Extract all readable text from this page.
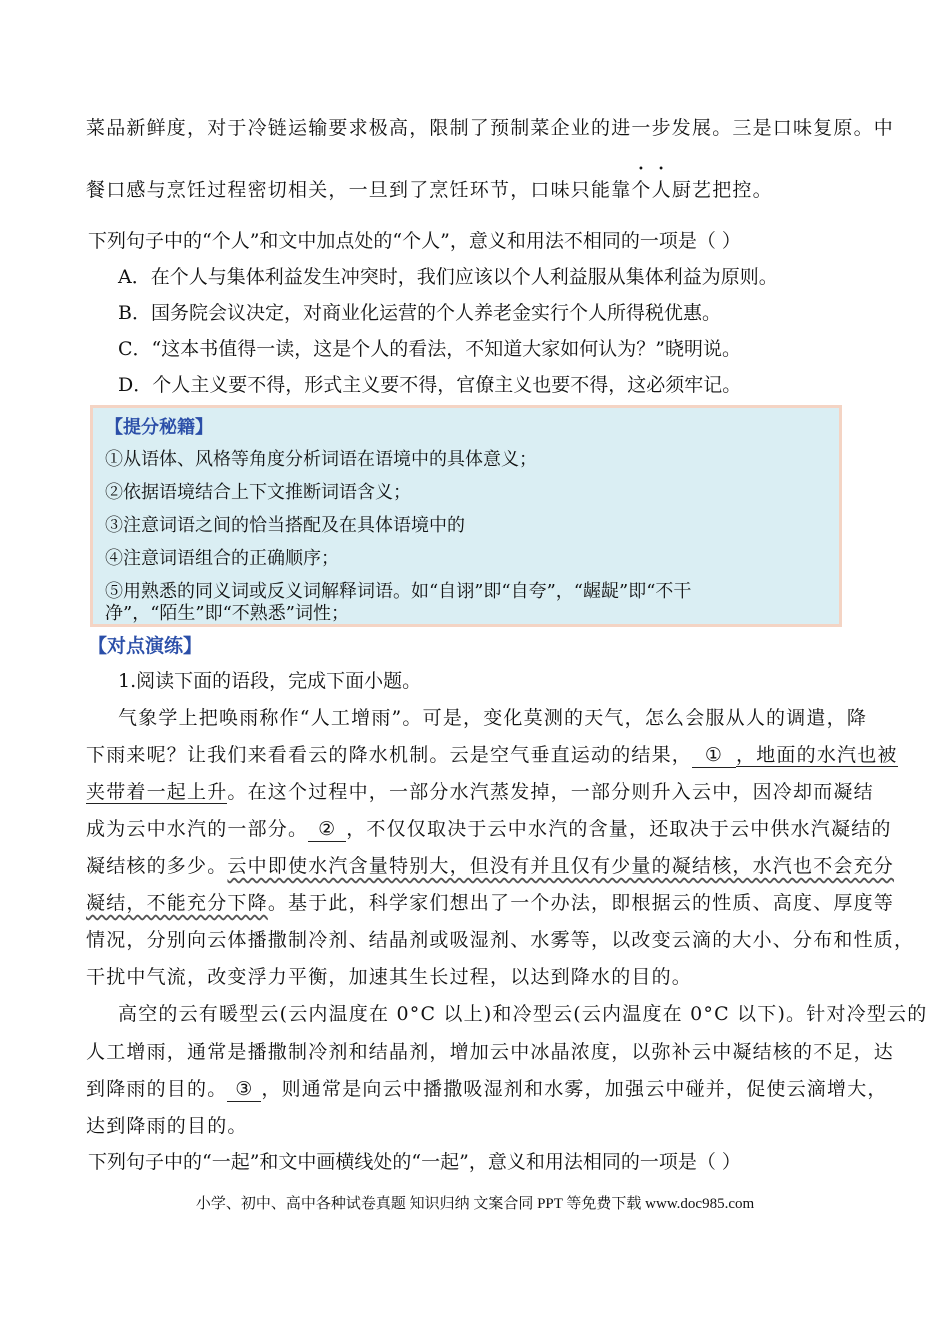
菜品新鲜度，对于冷链运输要求极高，限制了预制菜企业的进一步发展。三是口味复原。中
餐口感与烹饪过程密切相关，一旦到了烹饪环节，口味只能靠个人厨艺把控。
下列句子中的“个人”和文中加点处的“个人”，意义和用法不相同的一项是（ ）
A．在个人与集体利益发生冲突时，我们应该以个人利益服从集体利益为原则。
B．国务院会议决定，对商业化运营的个人养老金实行个人所得税优惠。
C．“这本书值得一读，这是个人的看法，不知道大家如何认为？”晓明说。
D．个人主义要不得，形式主义要不得，官僚主义也要不得，这必须牢记。
【提分秘籍】
①从语体、风格等角度分析词语在语境中的具体意义；
②依据语境结合上下文推断词语含义；
③注意词语之间的恰当搭配及在具体语境中的
④注意词语组合的正确顺序；
⑤用熟悉的同义词或反义词解释词语。如“自诩”即“自夸”，“龌龊”即“不干
净”，“陌生”即“不熟悉”词性；
【对点演练】
1.阅读下面的语段，完成下面小题。
气象学上把唤雨称作“人工增雨”。可是，变化莫测的天气，怎么会服从人的调遣，降
下雨来呢？让我们来看看云的降水机制。云是空气垂直运动的结果， ① ，地面的水汽也被
夹带着一起上升。在这个过程中，一部分水汽蒸发掉，一部分则升入云中，因冷却而凝结
成为云中水汽的一部分。 ② ，不仅仅取决于云中水汽的含量，还取决于云中供水汽凝结的
凝结核的多少。云中即使水汽含量特别大，但没有并且仅有少量的凝结核，水汽也不会充分
凝结，不能充分下降。基于此，科学家们想出了一个办法，即根据云的性质、高度、厚度等
情况，分别向云体播撒制冷剂、结晶剂或吸湿剂、水雾等，以改变云滴的大小、分布和性质，
干扰中气流，改变浮力平衡，加速其生长过程，以达到降水的目的。
高空的云有暖型云(云内温度在 0°C 以上)和冷型云(云内温度在 0°C 以下)。针对冷型云的
人工增雨，通常是播撒制冷剂和结晶剂，增加云中冰晶浓度，以弥补云中凝结核的不足，达
到降雨的目的。 ③ ，则通常是向云中播撒吸湿剂和水雾，加强云中碰并，促使云滴增大，
达到降雨的目的。
下列句子中的“一起”和文中画横线处的“一起”，意义和用法相同的一项是（ ）
小学、初中、高中各种试卷真题 知识归纳 文案合同 PPT 等免费下载 www.doc985.com
